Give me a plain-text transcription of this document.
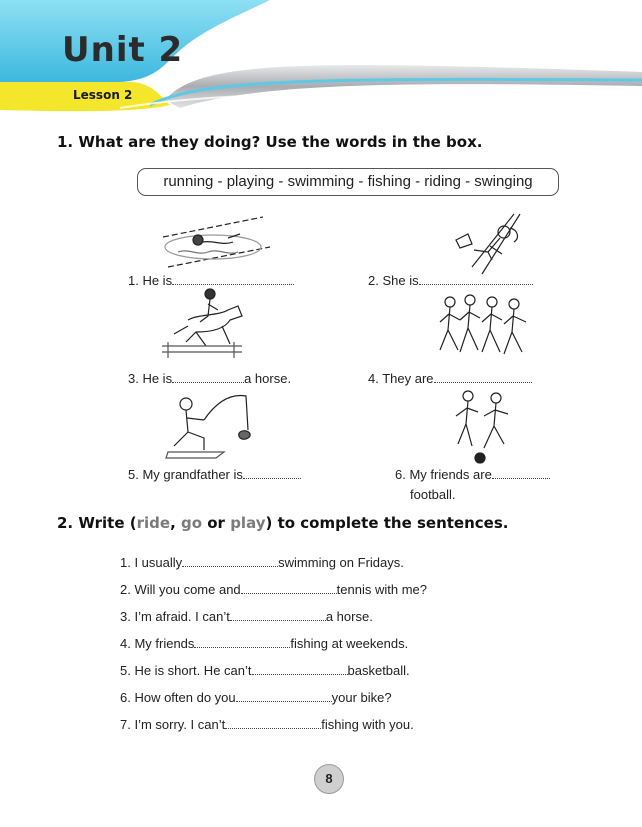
Unit 2
Lesson 2
1. What are they doing? Use the words in the box.
running - playing - swimming - fishing - riding - swinging
1. He is	2. She is
3. He is	a horse.	4. They are
5. My grandfather is	6. My friends are
football.
2. Write (ride, go or play) to complete the sentences.
1. I usually	swimming on Fridays.
2. Will you come and	tennis with me?
3. I’m afraid. I can’t	a horse.
4. My friends	fishing at weekends.
5. He is short. He can’t	basketball.
6. How often do you	your bike?
7. I’m sorry. I can’t	fishing with you.
8
